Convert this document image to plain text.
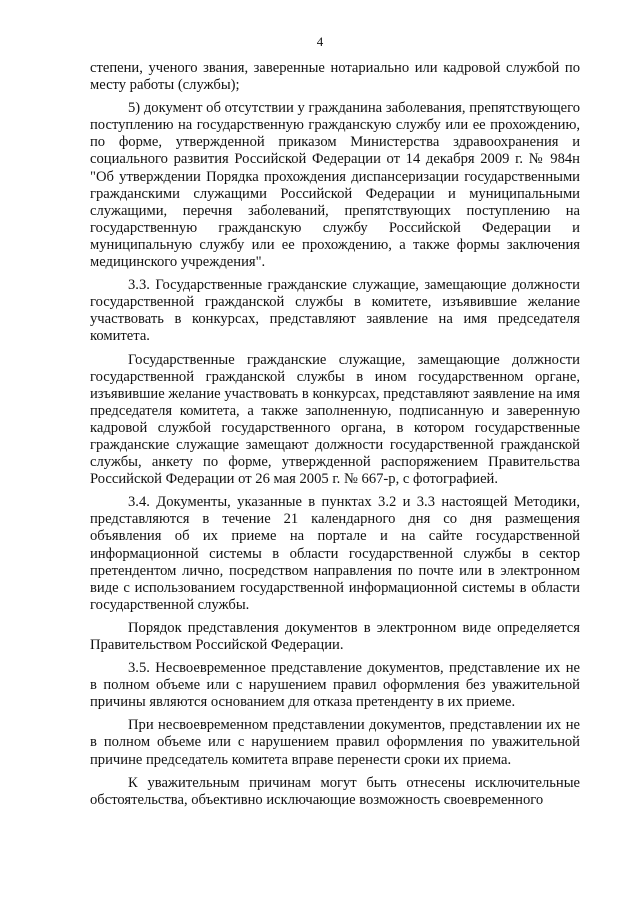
4

степени, ученого звания, заверенные нотариально или кадровой службой по месту работы (службы);

5) документ об отсутствии у гражданина заболевания, препятствующего поступлению на государственную гражданскую службу или ее прохождению, по форме, утвержденной приказом Министерства здравоохранения и социального развития Российской Федерации от 14 декабря 2009 г. № 984н "Об утверждении Порядка прохождения диспансеризации государственными гражданскими служащими Российской Федерации и муниципальными служащими, перечня заболеваний, препятствующих поступлению на государственную гражданскую службу Российской Федерации и муниципальную службу или ее прохождению, а также формы заключения медицинского учреждения".

3.3. Государственные гражданские служащие, замещающие должности государственной гражданской службы в комитете, изъявившие желание участвовать в конкурсах, представляют заявление на имя председателя комитета.

Государственные гражданские служащие, замещающие должности государственной гражданской службы в ином государственном органе, изъявившие желание участвовать в конкурсах, представляют заявление на имя председателя комитета, а также заполненную, подписанную и заверенную кадровой службой государственного органа, в котором государственные гражданские служащие замещают должности государственной гражданской службы, анкету по форме, утвержденной распоряжением Правительства Российской Федерации от 26 мая 2005 г. № 667-р, с фотографией.

3.4. Документы, указанные в пунктах 3.2 и 3.3 настоящей Методики, представляются в течение 21 календарного дня со дня размещения объявления об их приеме на портале и на сайте государственной информационной системы в области государственной службы в сектор претендентом лично, посредством направления по почте или в электронном виде с использованием государственной информационной системы в области государственной службы.

Порядок представления документов в электронном виде определяется Правительством Российской Федерации.

3.5. Несвоевременное представление документов, представление их не в полном объеме или с нарушением правил оформления без уважительной причины являются основанием для отказа претенденту в их приеме.

При несвоевременном представлении документов, представлении их не в полном объеме или с нарушением правил оформления по уважительной причине председатель комитета вправе перенести сроки их приема.

К уважительным причинам могут быть отнесены исключительные обстоятельства, объективно исключающие возможность своевременного
